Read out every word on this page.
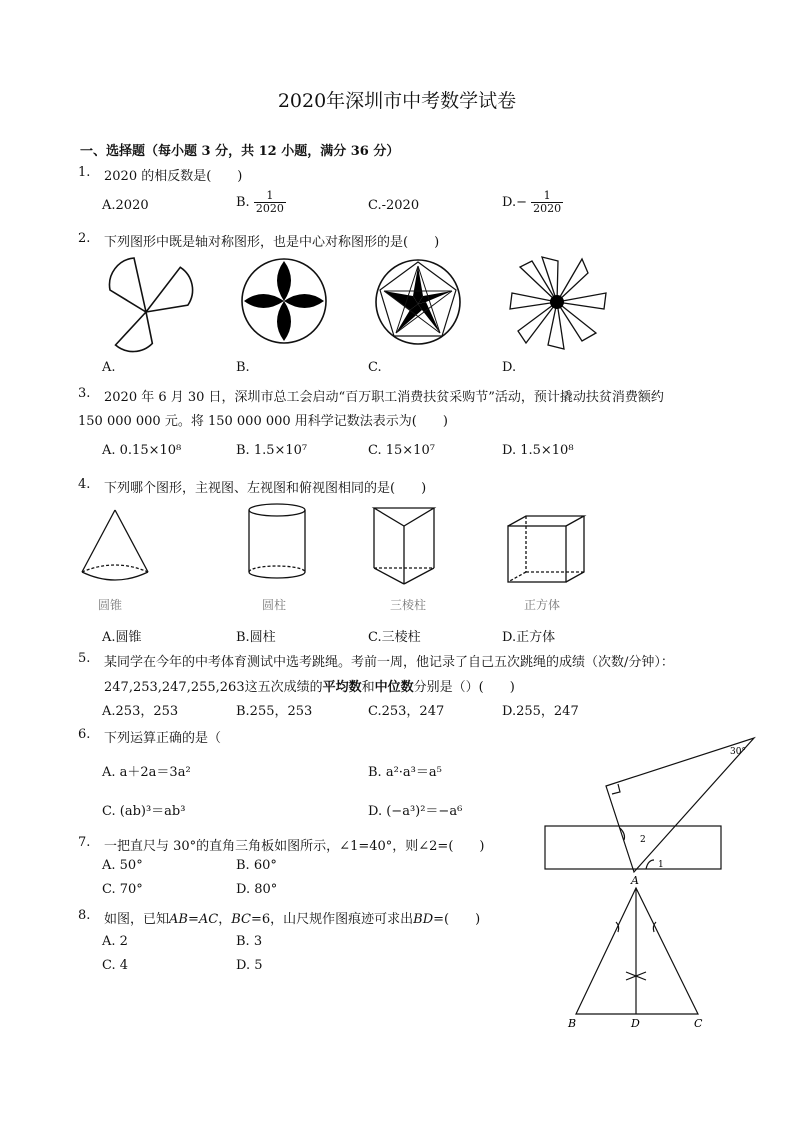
2020年深圳市中考数学试卷
一、选择题（每小题 3 分，共 12 小题，满分 36 分）
1. 2020 的相反数是(　　)
A.2020	B. $\frac{1}{2020}$	C.-2020	$D.- \frac{1}{2020}$
2. 下列图形中既是轴对称图形，也是中心对称图形的是(　　)
A.	B.	C.	D.
3. 2020 年 6 月 30 日，深圳市总工会启动“百万职工消费扶贫采购节”活动，预计撬动扶贫消费额约
150 000 000 元。将 150 000 000 用科学记数法表示为(　　)
A. 0.15×10⁸	B. 1.5×10⁷	C. 15×10⁷	D. 1.5×10⁸
4. 下列哪个图形，主视图、左视图和俯视图相同的是(　　)
圆锥	圆柱	三棱柱	正方体
A.圆锥	B.圆柱	C.三棱柱	D.正方体
5. 某同学在今年的中考体育测试中选考跳绳。考前一周，他记录了自己五次跳绳的成绩（次数/分钟）：
247,253,247,255,263这五次成绩的平均数和中位数分别是（）(　　)
A.253，253	B.255，253	C.253，247	D.255，247
6. 下列运算正确的是（
A. a＋2a＝3a²	B. a²·a³＝a⁵
C. (ab)³＝ab³	D. (−a³)²＝−a⁶
7. 一把直尺与 30°的直角三角板如图所示，∠1=40°，则∠2=(　　)
A. 50°	B. 60°
C. 70°	D. 80°
30°
2
1
8. 如图，已知AB=AC，BC=6，山尺规作图痕迹可求出BD=(　　)
A. 2	B. 3
C. 4	D. 5
A
B	D	C
